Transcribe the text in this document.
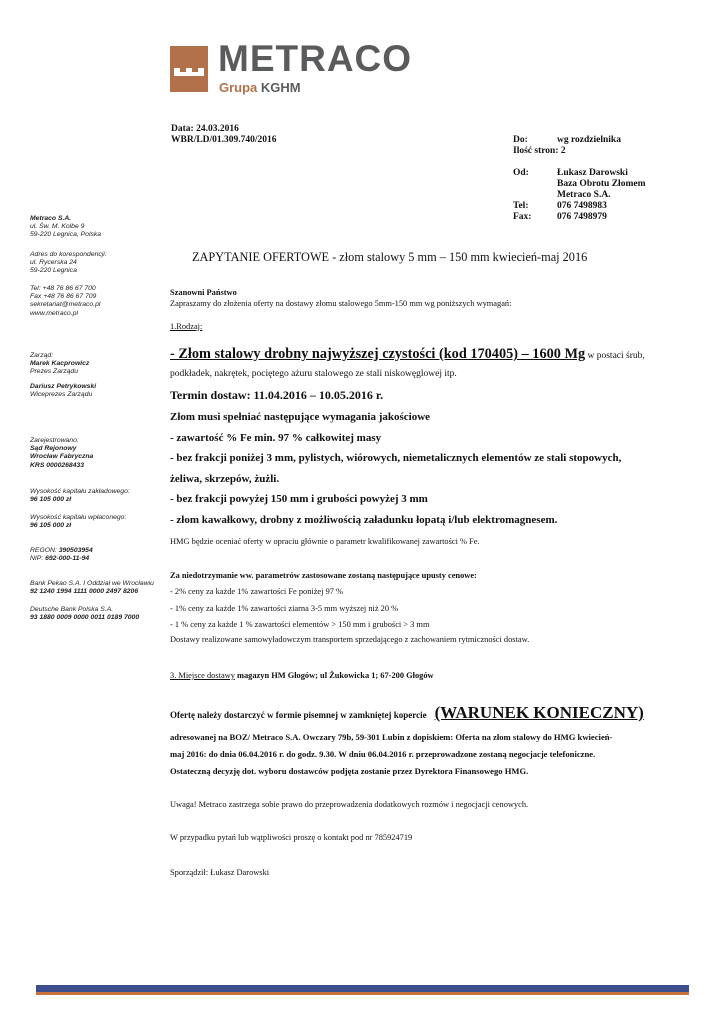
METRACO
Grupa KGHM
Data: 24.03.2016
WBR/LD/01.309.740/2016	Do:	wg rozdzielnika
Ilość stron: 2
Od:	Łukasz Darowski
Baza Obrotu Złomem
Metraco S.A.
Tel:	076 7498983
Fax:	076 7498979
Metraco S.A.
ul. Św. M. Kolbe 9
59-220 Legnica, Polska
Adres do korespondencji:
ul. Rycerska 24
59-220 Legnica
Tel: +48 76 86 67 700
Fax +48 76 86 67 709
sekretariat@metraco.pl
www.metraco.pl
Zarząd:
Marek Kacprowicz
Prezes Zarządu
Dariusz Petrykowski
Wiceprezes Zarządu
Zarejestrowano:
Sąd Rejonowy
Wrocław Fabryczna
KRS 0000268433
Wysokość kapitału zakładowego:
96 105 000 zł
Wysokość kapitału wpłaconego:
96 105 000 zł
REGON: 390503954
NIP: 692-000-11-94
Bank Pekao S.A. I Oddział we Wrocławiu
92 1240 1994 1111 0000 2497 8206
Deutsche Bank Polska S.A.
93 1880 0009 0000 0011 0189 7000
ZAPYTANIE OFERTOWE - złom stalowy 5 mm – 150 mm kwiecień-maj 2016
Szanowni Państwo
Zapraszamy do złożenia oferty na dostawy złomu stalowego 5mm-150 mm wg poniższych wymagań:
1.Rodzaj:
- Złom stalowy drobny najwyższej czystości (kod 170405) – 1600 Mg w postaci śrub,
podkładek, nakrętek, pociętego ażuru stalowego ze stali niskowęglowej itp.
Termin dostaw: 11.04.2016 – 10.05.2016 r.
Złom musi spełniać następujące wymagania jakościowe
- zawartość % Fe min. 97 % całkowitej masy
- bez frakcji poniżej 3 mm, pylistych, wiórowych, niemetalicznych elementów ze stali stopowych,
żeliwa, skrzepów, żużli.
- bez frakcji powyżej 150 mm i grubości powyżej 3 mm
- złom kawałkowy, drobny z możliwością załadunku łopatą i/lub elektromagnesem.
HMG będzie oceniać oferty w opraciu głównie o parametr kwalifikowanej zawartości % Fe.
Za niedotrzymanie ww. parametrów zastosowane zostaną następujące upusty cenowe:
- 2% ceny za każde 1% zawartości Fe poniżej 97 %
- 1% ceny za każde 1% zawartości ziarna 3-5 mm wyższej niż 20 %
- 1 % ceny za każde 1 % zawartości elementów > 150 mm i grubości > 3 mm
Dostawy realizowane samowyładowczym transportem sprzedającego z zachowaniem rytmiczności dostaw.
3. Miejsce dostawy magazyn HM Głogów; ul Żukowicka 1; 67-200 Głogów
Ofertę należy dostarczyć w formie pisemnej w zamkniętej kopercie (WARUNEK KONIECZNY)
adresowanej na BOZ/ Metraco S.A. Owczary 79b, 59-301 Lubin z dopiskiem: Oferta na złom stalowy do HMG kwiecień-
maj 2016: do dnia 06.04.2016 r. do godz. 9.30. W dniu 06.04.2016 r. przeprowadzone zostaną negocjacje telefoniczne.
Ostateczną decyzję dot. wyboru dostawców podjęta zostanie przez Dyrektora Finansowego HMG.
Uwaga! Metraco zastrzega sobie prawo do przeprowadzenia dodatkowych rozmów i negocjacji cenowych.
W przypadku pytań lub wątpliwości proszę o kontakt pod nr 785924719
Sporządził: Łukasz Darowski
